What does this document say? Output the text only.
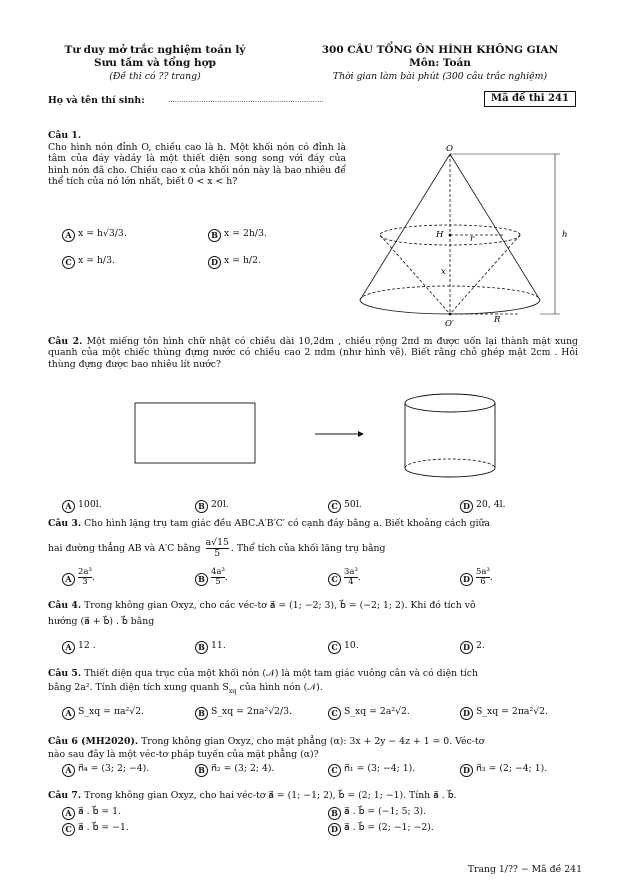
Tư duy mở trắc nghiệm toán lý
Sưu tầm và tổng hợp
(Đề thi có ?? trang)
300 CÂU TỔNG ÔN HÌNH KHÔNG GIAN
Môn: Toán
Thời gian làm bài phút (300 câu trắc nghiệm)
Họ và tên thí sinh:	......................................................................	Mã đề thi 241
Câu 1.
Cho hình nón đỉnh O, chiều cao là h. Một khối nón có đỉnh là tâm của đáy vàdáy là một thiết diện song song với đáy của hình nón đã cho. Chiều cao x của khối nón này là bao nhiêu để thể tích của nó lớn nhất, biết 0 < x < h?
A x = h√3/3.	B x = 2h/3.
C x = h/3.	D x = h/2.
O
H	r
x
h
O′	R
Câu 2. Một miếng tôn hình chữ nhật có chiều dài 10,2dm , chiều rộng 2πd m được uốn lại thành mặt xung quanh của một chiếc thùng đựng nước có chiều cao 2 πdm (như hình vẽ). Biết rằng chỗ ghép mật 2cm . Hỏi thùng đựng được bao nhiêu lít nước?
A 100l.	B 20l.	C 50l.	D 20, 4l.
Câu 3. Cho hình lặng trụ tam giác đều ABC.A′B′C′ có cạnh đáy bằng a. Biết khoảng cách giữa
hai đường thẳng AB và A′C bằng $\frac{a√15}{5}$ . Thể tích của khối lăng trụ bằng
A $\frac{\text{2a³}}{3}$ .	B $\frac{\text{4a³}}{5}$ .	C $\frac{\text{3a³}}{4}$ .	D $\frac{\text{5a³}}{6}$ .
Câu 4. Trong không gian Oxyz, cho các véc-tơ a⃗ = (1; −2; 3), b⃗ = (−2; 1; 2). Khi đó tích vô
hướng (a⃗ + b⃗) . b⃗ bằng
A 12 .	B 11.	C 10.	D 2.
Câu 5. Thiết diện qua trục của một khối nón (𝒩) là một tam giác vuông cân và có diện tích
bằng 2a². Tính diện tích xung quanh $S_{xq}$ của hình nón (𝒩).
A S_xq = πa²√2.	B S_xq = 2πa²√2/3.	C S_xq = 2a²√2.	D S_xq = 2πa²√2.
Câu 6 (MH2020). Trong không gian Oxyz, cho mặt phẳng (α): 3x + 2y − 4z + 1 = 0. Véc-tơ
nào sau đây là một véc-tơ pháp tuyến của mặt phẳng (α)?
A n⃗₄ = (3; 2; −4).	B n⃗₂ = (3; 2; 4).	C n⃗₁ = (3; −4; 1).	D n⃗₃ = (2; −4; 1).
Câu 7. Trong không gian Oxyz, cho hai véc-tơ a⃗ = (1; −1; 2), b⃗ = (2; 1; −1). Tính a⃗ . b⃗.
A a⃗ . b⃗ = 1.	B a⃗ . b⃗ = (−1; 5; 3).
C a⃗ . b⃗ = −1.	D a⃗ . b⃗ = (2; −1; −2).
Trang 1/?? − Mã đề 241
